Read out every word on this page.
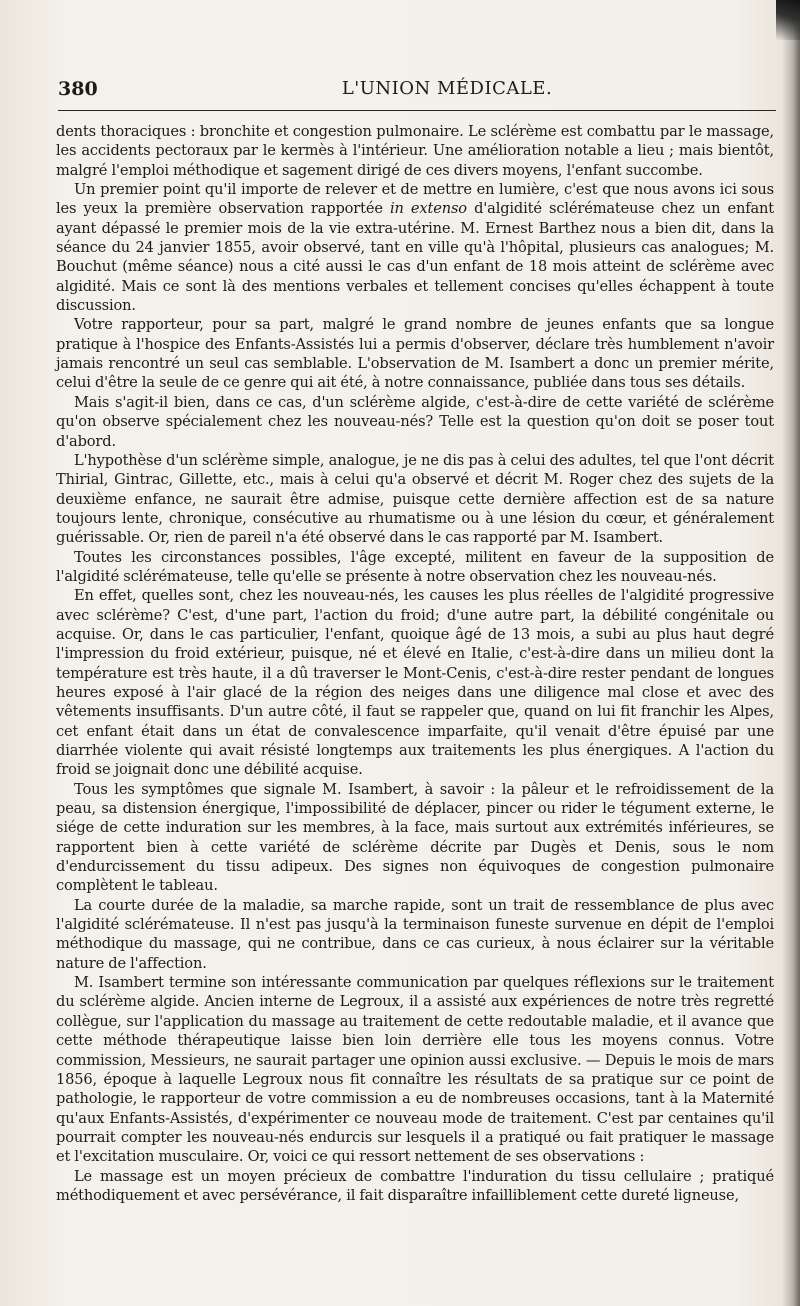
380	L'UNION MÉDICALE.

dents thoraciques : bronchite et congestion pulmonaire. Le sclérème est combattu par le massage, les accidents pectoraux par le kermès à l'intérieur. Une amélioration notable a lieu ; mais bientôt, malgré l'emploi méthodique et sagement dirigé de ces divers moyens, l'enfant succombe.

Un premier point qu'il importe de relever et de mettre en lumière, c'est que nous avons ici sous les yeux la première observation rapportée in extenso d'algidité sclérémateuse chez un enfant ayant dépassé le premier mois de la vie extra-utérine. M. Ernest Barthez nous a bien dit, dans la séance du 24 janvier 1855, avoir observé, tant en ville qu'à l'hôpital, plusieurs cas analogues; M. Bouchut (même séance) nous a cité aussi le cas d'un enfant de 18 mois atteint de sclérème avec algidité. Mais ce sont là des mentions verbales et tellement concises qu'elles échappent à toute discussion.

Votre rapporteur, pour sa part, malgré le grand nombre de jeunes enfants que sa longue pratique à l'hospice des Enfants-Assistés lui a permis d'observer, déclare très humblement n'avoir jamais rencontré un seul cas semblable. L'observation de M. Isambert a donc un premier mérite, celui d'être la seule de ce genre qui ait été, à notre connaissance, publiée dans tous ses détails.

Mais s'agit-il bien, dans ce cas, d'un sclérème algide, c'est-à-dire de cette variété de sclérème qu'on observe spécialement chez les nouveau-nés? Telle est la question qu'on doit se poser tout d'abord.

L'hypothèse d'un sclérème simple, analogue, je ne dis pas à celui des adultes, tel que l'ont décrit Thirial, Gintrac, Gillette, etc., mais à celui qu'a observé et décrit M. Roger chez des sujets de la deuxième enfance, ne saurait être admise, puisque cette dernière affection est de sa nature toujours lente, chronique, consécutive au rhumatisme ou à une lésion du cœur, et généralement guérissable. Or, rien de pareil n'a été observé dans le cas rapporté par M. Isambert.

Toutes les circonstances possibles, l'âge excepté, militent en faveur de la supposition de l'algidité sclérémateuse, telle qu'elle se présente à notre observation chez les nouveau-nés.

En effet, quelles sont, chez les nouveau-nés, les causes les plus réelles de l'algidité progressive avec sclérème? C'est, d'une part, l'action du froid; d'une autre part, la débilité congénitale ou acquise. Or, dans le cas particulier, l'enfant, quoique âgé de 13 mois, a subi au plus haut degré l'impression du froid extérieur, puisque, né et élevé en Italie, c'est-à-dire dans un milieu dont la température est très haute, il a dû traverser le Mont-Cenis, c'est-à-dire rester pendant de longues heures exposé à l'air glacé de la région des neiges dans une diligence mal close et avec des vêtements insuffisants. D'un autre côté, il faut se rappeler que, quand on lui fit franchir les Alpes, cet enfant était dans un état de convalescence imparfaite, qu'il venait d'être épuisé par une diarrhée violente qui avait résisté longtemps aux traitements les plus énergiques. A l'action du froid se joignait donc une débilité acquise.

Tous les symptômes que signale M. Isambert, à savoir : la pâleur et le refroidissement de la peau, sa distension énergique, l'impossibilité de déplacer, pincer ou rider le tégument externe, le siége de cette induration sur les membres, à la face, mais surtout aux extrémités inférieures, se rapportent bien à cette variété de sclérème décrite par Dugès et Denis, sous le nom d'endurcissement du tissu adipeux. Des signes non équivoques de congestion pulmonaire complètent le tableau.

La courte durée de la maladie, sa marche rapide, sont un trait de ressemblance de plus avec l'algidité sclérémateuse. Il n'est pas jusqu'à la terminaison funeste survenue en dépit de l'emploi méthodique du massage, qui ne contribue, dans ce cas curieux, à nous éclairer sur la véritable nature de l'affection.

M. Isambert termine son intéressante communication par quelques réflexions sur le traitement du sclérème algide. Ancien interne de Legroux, il a assisté aux expériences de notre très regretté collègue, sur l'application du massage au traitement de cette redoutable maladie, et il avance que cette méthode thérapeutique laisse bien loin derrière elle tous les moyens connus. Votre commission, Messieurs, ne saurait partager une opinion aussi exclusive. — Depuis le mois de mars 1856, époque à laquelle Legroux nous fit connaître les résultats de sa pratique sur ce point de pathologie, le rapporteur de votre commission a eu de nombreuses occasions, tant à la Maternité qu'aux Enfants-Assistés, d'expérimenter ce nouveau mode de traitement. C'est par centaines qu'il pourrait compter les nouveau-nés endurcis sur lesquels il a pratiqué ou fait pratiquer le massage et l'excitation musculaire. Or, voici ce qui ressort nettement de ses observations :

Le massage est un moyen précieux de combattre l'induration du tissu cellulaire ; pratiqué méthodiquement et avec persévérance, il fait disparaître infailliblement cette dureté ligneuse,
